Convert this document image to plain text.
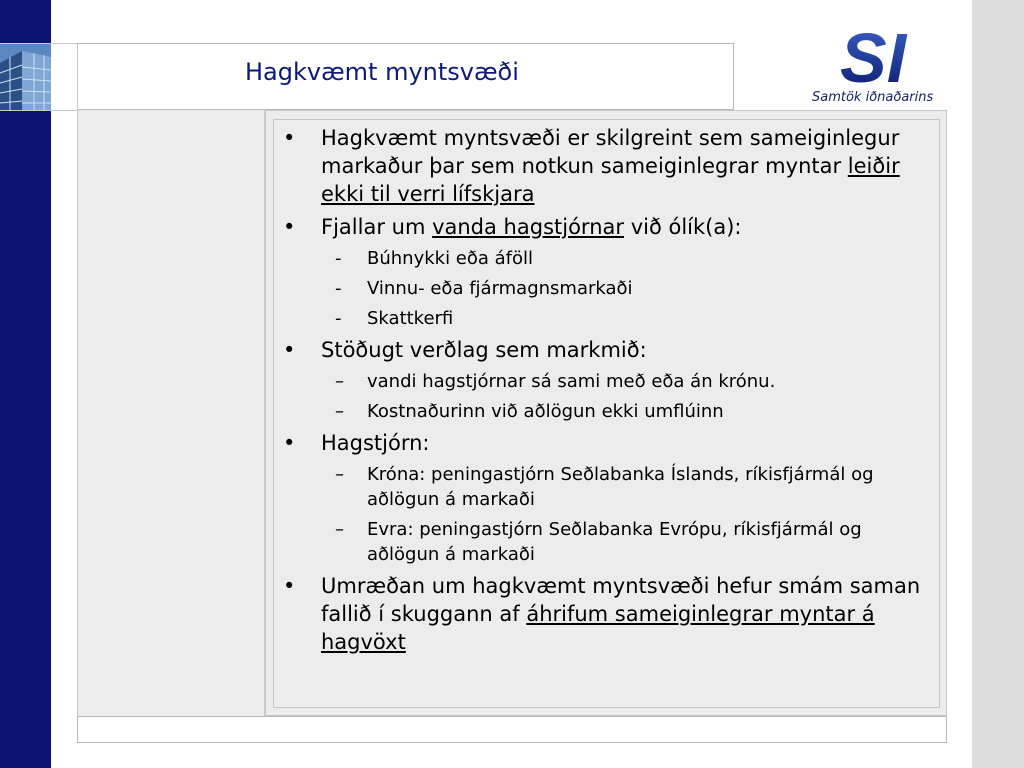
Hagkvæmt myntsvæði	SI
Samtök iðnaðarins
• Hagkvæmt myntsvæði er skilgreint sem sameiginlegur markaður þar sem notkun sameiginlegrar myntar leiðir ekki til verri lífskjara
• Fjallar um vanda hagstjórnar við ólík(a):
- Búhnykki eða áföll
- Vinnu- eða fjármagnsmarkaði
- Skattkerfi
• Stöðugt verðlag sem markmið:
– vandi hagstjórnar sá sami með eða án krónu.
– Kostnaðurinn við aðlögun ekki umflúinn
• Hagstjórn:
– Króna: peningastjórn Seðlabanka Íslands, ríkisfjármál og aðlögun á markaði
– Evra: peningastjórn Seðlabanka Evrópu, ríkisfjármál og aðlögun á markaði
• Umræðan um hagkvæmt myntsvæði hefur smám saman fallið í skuggann af áhrifum sameiginlegrar myntar á hagvöxt
